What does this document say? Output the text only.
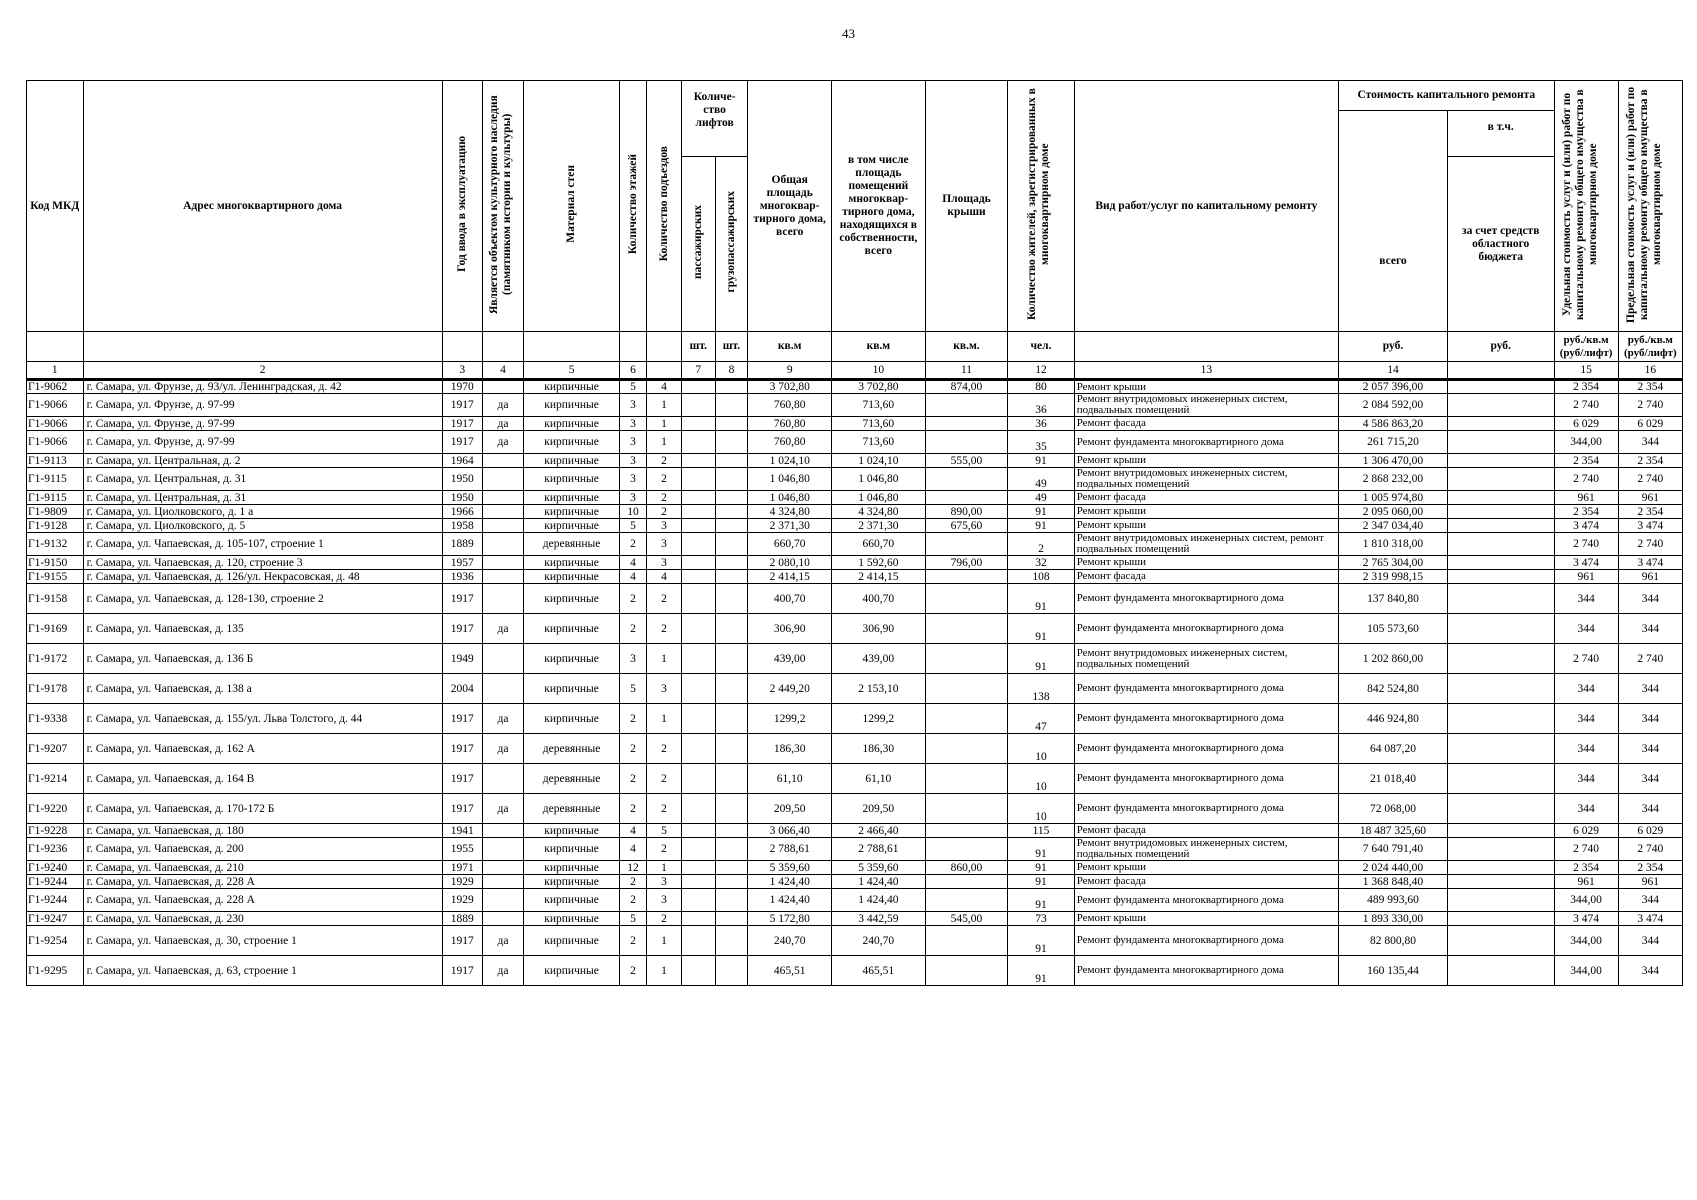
43
Код МКД	Адрес многоквартирного дома	Год ввода в эксплуатацию	Является объектом культурного наследия (памятником истории и культуры)	Материал стен	Количество этажей	Количество подъездов	Количе-ство лифтов		Общая площадь многоквар-тирного дома, всего	в том числе площадь помещений многоквар-тирного дома, находящихся в собственности, всего	Площадь крыши	Количество жителей, зарегистрированных в многоквартирном доме	Вид работ/услуг по капитальному ремонту	Стоимость капитального ремонта		Удельная стоимость услуг и (или) работ по капитальному ремонту общего имущества в многоквартирном доме	Предельная стоимость услуг и (или) работ по капитальному ремонту общего имущества в многоквартирном доме
														всего	в т.ч.		
							пассажирских	грузопассажирских							за счет средств областного бюджета		
							шт.	шт.	кв.м	кв.м	кв.м.	чел.		руб.	руб.	руб./кв.м (руб/лифт)	руб./кв.м (руб/лифт)
1	2	3	4	5	6		7	8	9	10	11	12	13	14		15	16
Г1-9062	г. Самара, ул. Фрунзе, д. 93/ул. Ленинградская, д. 42	1970		кирпичные	5	4			3 702,80	3 702,80	874,00	80	Ремонт крыши	2 057 396,00		2 354	2 354
Г1-9066	г. Самара, ул. Фрунзе, д. 97-99	1917	да	кирпичные	3	1			760,80	713,60		36	Ремонт внутридомовых инженерных систем, подвальных помещений	2 084 592,00		2 740	2 740
Г1-9066	г. Самара, ул. Фрунзе, д. 97-99	1917	да	кирпичные	3	1			760,80	713,60		36	Ремонт фасада	4 586 863,20		6 029	6 029
Г1-9066	г. Самара, ул. Фрунзе, д. 97-99	1917	да	кирпичные	3	1			760,80	713,60		35	Ремонт фундамента многоквартирного дома	261 715,20		344,00	344
Г1-9113	г. Самара, ул. Центральная, д. 2	1964		кирпичные	3	2			1 024,10	1 024,10	555,00	91	Ремонт крыши	1 306 470,00		2 354	2 354
Г1-9115	г. Самара, ул. Центральная, д. 31	1950		кирпичные	3	2			1 046,80	1 046,80		49	Ремонт внутридомовых инженерных систем, подвальных помещений	2 868 232,00		2 740	2 740
Г1-9115	г. Самара, ул. Центральная, д. 31	1950		кирпичные	3	2			1 046,80	1 046,80		49	Ремонт фасада	1 005 974,80		961	961
Г1-9809	г. Самара, ул. Циолковского, д. 1 а	1966		кирпичные	10	2			4 324,80	4 324,80	890,00	91	Ремонт крыши	2 095 060,00		2 354	2 354
Г1-9128	г. Самара, ул. Циолковского, д. 5	1958		кирпичные	5	3			2 371,30	2 371,30	675,60	91	Ремонт крыши	2 347 034,40		3 474	3 474
Г1-9132	г. Самара, ул. Чапаевская, д. 105-107, строение 1	1889		деревянные	2	3			660,70	660,70		2	Ремонт внутридомовых инженерных систем, ремонт подвальных помещений	1 810 318,00		2 740	2 740
Г1-9150	г. Самара, ул. Чапаевская, д. 120, строение 3	1957		кирпичные	4	3			2 080,10	1 592,60	796,00	32	Ремонт крыши	2 765 304,00		3 474	3 474
Г1-9155	г. Самара, ул. Чапаевская, д. 126/ул. Некрасовская, д. 48	1936		кирпичные	4	4			2 414,15	2 414,15		108	Ремонт фасада	2 319 998,15		961	961
Г1-9158	г. Самара, ул. Чапаевская, д. 128-130, строение 2	1917		кирпичные	2	2			400,70	400,70		91	Ремонт фундамента многоквартирного дома	137 840,80		344	344
Г1-9169	г. Самара, ул. Чапаевская, д. 135	1917	да	кирпичные	2	2			306,90	306,90		91	Ремонт фундамента многоквартирного дома	105 573,60		344	344
Г1-9172	г. Самара, ул. Чапаевская, д. 136 Б	1949		кирпичные	3	1			439,00	439,00		91	Ремонт внутридомовых инженерных систем, подвальных помещений	1 202 860,00		2 740	2 740
Г1-9178	г. Самара, ул. Чапаевская, д. 138 а	2004		кирпичные	5	3			2 449,20	2 153,10		138	Ремонт фундамента многоквартирного дома	842 524,80		344	344
Г1-9338	г. Самара, ул. Чапаевская, д. 155/ул. Льва Толстого, д. 44	1917	да	кирпичные	2	1			1299,2	1299,2		47	Ремонт фундамента многоквартирного дома	446 924,80		344	344
Г1-9207	г. Самара, ул. Чапаевская, д. 162 А	1917	да	деревянные	2	2			186,30	186,30		10	Ремонт фундамента многоквартирного дома	64 087,20		344	344
Г1-9214	г. Самара, ул. Чапаевская, д. 164 В	1917		деревянные	2	2			61,10	61,10		10	Ремонт фундамента многоквартирного дома	21 018,40		344	344
Г1-9220	г. Самара, ул. Чапаевская, д. 170-172 Б	1917	да	деревянные	2	2			209,50	209,50		10	Ремонт фундамента многоквартирного дома	72 068,00		344	344
Г1-9228	г. Самара, ул. Чапаевская, д. 180	1941		кирпичные	4	5			3 066,40	2 466,40		115	Ремонт фасада	18 487 325,60		6 029	6 029
Г1-9236	г. Самара, ул. Чапаевская, д. 200	1955		кирпичные	4	2			2 788,61	2 788,61		91	Ремонт внутридомовых инженерных систем, подвальных помещений	7 640 791,40		2 740	2 740
Г1-9240	г. Самара, ул. Чапаевская, д. 210	1971		кирпичные	12	1			5 359,60	5 359,60	860,00	91	Ремонт крыши	2 024 440,00		2 354	2 354
Г1-9244	г. Самара, ул. Чапаевская, д. 228 А	1929		кирпичные	2	3			1 424,40	1 424,40		91	Ремонт фасада	1 368 848,40		961	961
Г1-9244	г. Самара, ул. Чапаевская, д. 228 А	1929		кирпичные	2	3			1 424,40	1 424,40		91	Ремонт фундамента многоквартирного дома	489 993,60		344,00	344
Г1-9247	г. Самара, ул. Чапаевская, д. 230	1889		кирпичные	5	2			5 172,80	3 442,59	545,00	73	Ремонт крыши	1 893 330,00		3 474	3 474
Г1-9254	г. Самара, ул. Чапаевская, д. 30, строение 1	1917	да	кирпичные	2	1			240,70	240,70		91	Ремонт фундамента многоквартирного дома	82 800,80		344,00	344
Г1-9295	г. Самара, ул. Чапаевская, д. 63, строение 1	1917	да	кирпичные	2	1			465,51	465,51		91	Ремонт фундамента многоквартирного дома	160 135,44		344,00	344
